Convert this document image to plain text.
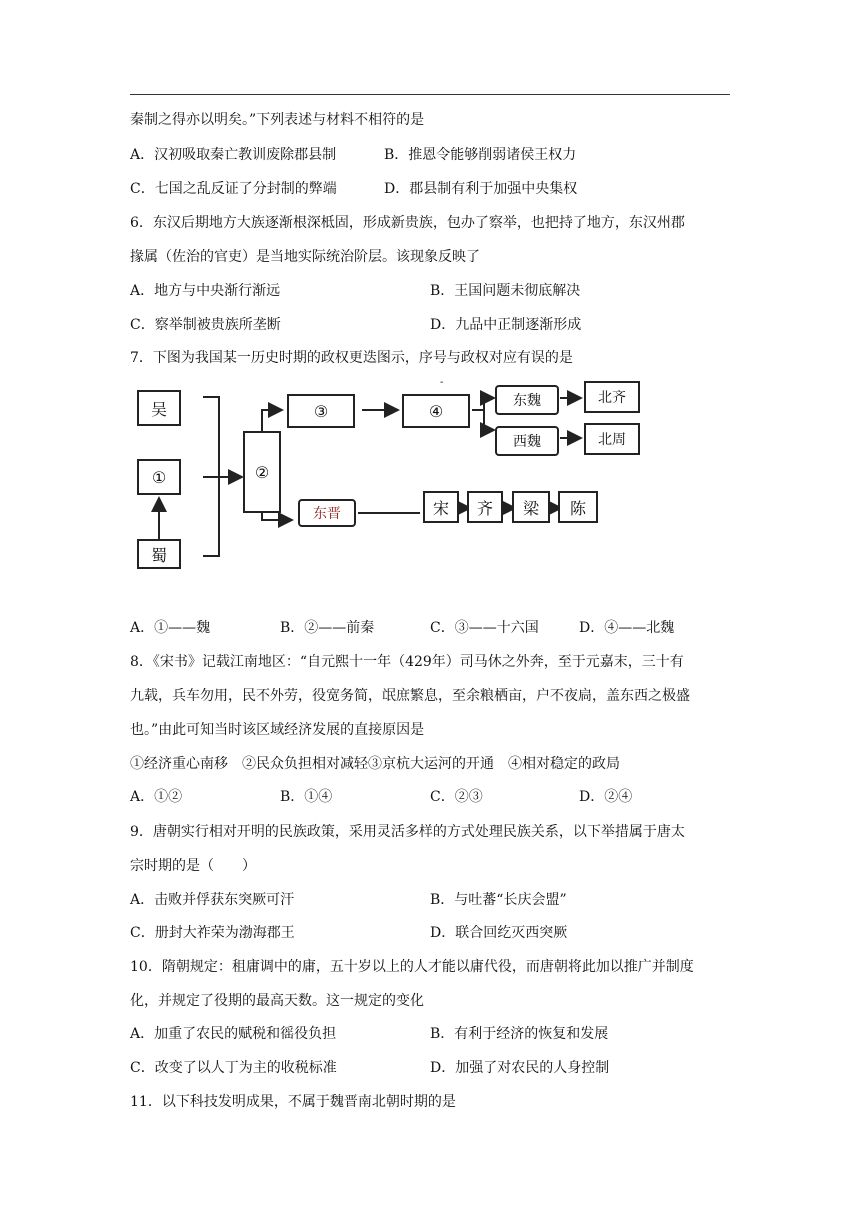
秦制之得亦以明矣。”下列表述与材料不相符的是
A．汉初吸取秦亡教训废除郡县制	B．推恩令能够削弱诸侯王权力
C．七国之乱反证了分封制的弊端	D．郡县制有利于加强中央集权
6．东汉后期地方大族逐渐根深柢固，形成新贵族，包办了察举，也把持了地方，东汉州郡
掾属（佐治的官吏）是当地实际统治阶层。该现象反映了
A．地方与中央渐行渐远	B．王国问题未彻底解决
C．察举制被贵族所垄断	D．九品中正制逐渐形成
7．下图为我国某一历史时期的政权更迭图示，序号与政权对应有误的是
-
吴
①
蜀
②
③	④
东魏
西魏
北齐
北周
东晋	宋	齐	梁	陈
A．①——魏	B．②——前秦	C．③——十六国	D．④——北魏
8．《宋书》记载江南地区：“自元熙十一年（429年）司马休之外奔，至于元嘉末，三十有
九载，兵车勿用，民不外劳，役宽务简，氓庶繁息，至余粮栖亩，户不夜扃，盖东西之极盛
也。”由此可知当时该区域经济发展的直接原因是
①经济重心南移　②民众负担相对减轻③京杭大运河的开通　④相对稳定的政局
A．①②	B．①④	C．②③	D．②④
9．唐朝实行相对开明的民族政策，采用灵活多样的方式处理民族关系，以下举措属于唐太
宗时期的是（　　）
A．击败并俘获东突厥可汗	B．与吐蕃“长庆会盟”
C．册封大祚荣为渤海郡王	D．联合回纥灭西突厥
10．隋朝规定：租庸调中的庸，五十岁以上的人才能以庸代役，而唐朝将此加以推广并制度
化，并规定了役期的最高天数。这一规定的变化
A．加重了农民的赋税和徭役负担	B．有利于经济的恢复和发展
C．改变了以人丁为主的收税标准	D．加强了对农民的人身控制
11．以下科技发明成果，不属于魏晋南北朝时期的是
